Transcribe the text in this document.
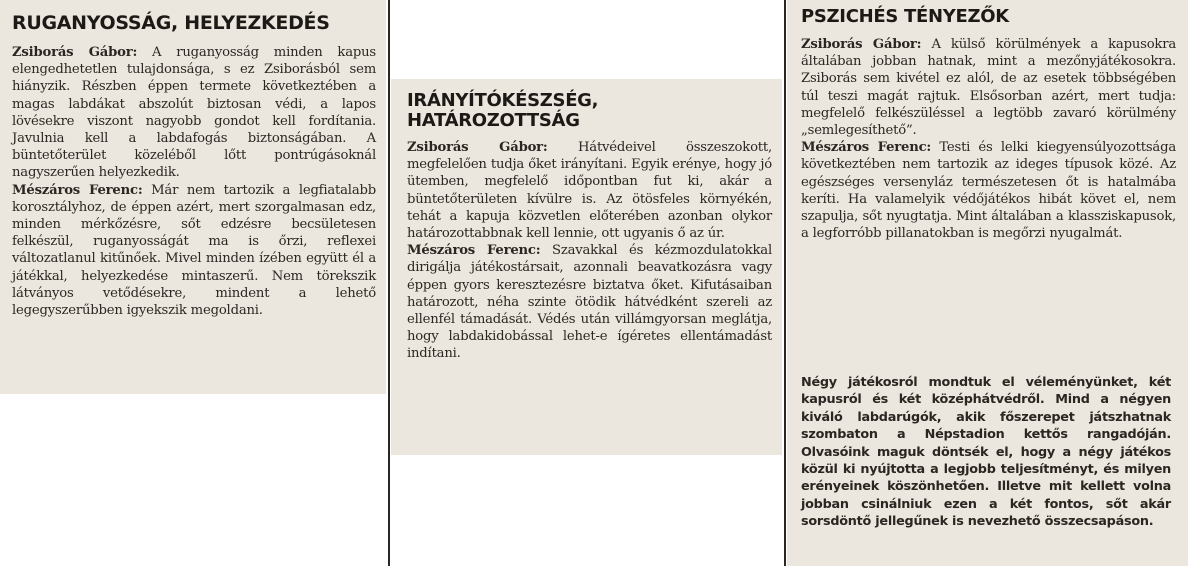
RUGANYOSSÁG, HELYEZKEDÉS

Zsiborás Gábor: A ruganyosság minden kapus elengedhetetlen tulajdonsága, s ez Zsiborásból sem hiányzik. Részben éppen termete következtében a magas labdákat abszolút biztosan védi, a lapos lövésekre viszont nagyobb gondot kell fordítania. Javulnia kell a labdafogás biztonságában. A büntetőterület közeléből lőtt pontrúgásoknál nagyszerűen helyezkedik.

Mészáros Ferenc: Már nem tartozik a legfiatalabb korosztályhoz, de éppen azért, mert szorgalmasan edz, minden mérkőzésre, sőt edzésre becsületesen felkészül, ruganyosságát ma is őrzi, reflexei változatlanul kitűnőek. Mivel minden ízében együtt él a játékkal, helyezkedése mintaszerű. Nem törekszik látványos vetődésekre, mindent a lehető legegyszerűbben igyekszik megoldani.

IRÁNYÍTÓKÉSZSÉG, HATÁROZOTTSÁG

Zsiborás Gábor: Hátvédeivel összeszokott, megfelelően tudja őket irányítani. Egyik erénye, hogy jó ütemben, megfelelő időpontban fut ki, akár a büntetőterületen kívülre is. Az ötösfeles környékén, tehát a kapuja közvetlen előterében azonban olykor határozottabbnak kell lennie, ott ugyanis ő az úr.

Mészáros Ferenc: Szavakkal és kézmozdulatokkal dirigálja játékostársait, azonnali beavatkozásra vagy éppen gyors keresztezésre biztatva őket. Kifutásaiban határozott, néha szinte ötödik hátvédként szereli az ellenfél támadását. Védés után villámgyorsan meglátja, hogy labdakidobással lehet-e ígéretes ellentámadást indítani.

PSZICHÉS TÉNYEZŐK

Zsiborás Gábor: A külső körülmények a kapusokra általában jobban hatnak, mint a mezőnyjátékosokra. Zsiborás sem kivétel ez alól, de az esetek többségében túl teszi magát rajtuk. Elsősorban azért, mert tudja: megfelelő felkészüléssel a legtöbb zavaró körülmény „semlegesíthető”.

Mészáros Ferenc: Testi és lelki kiegyensúlyozottsága következtében nem tartozik az ideges típusok közé. Az egészséges versenyláz természetesen őt is hatalmába keríti. Ha valamelyik védőjátékos hibát követ el, nem szapulja, sőt nyugtatja. Mint általában a klassziskapusok, a legforróbb pillanatokban is megőrzi nyugalmát.

Négy játékosról mondtuk el véleményünket, két kapusról és két középhátvédről. Mind a négyen kiváló labdarúgók, akik főszerepet játszhatnak szombaton a Népstadion kettős rangadóján. Olvasóink maguk döntsék el, hogy a négy játékos közül ki nyújtotta a legjobb teljesítményt, és milyen erényeinek köszönhetően. Illetve mit kellett volna jobban csinálniuk ezen a két fontos, sőt akár sorsdöntő jellegűnek is nevezhető összecsapáson.
